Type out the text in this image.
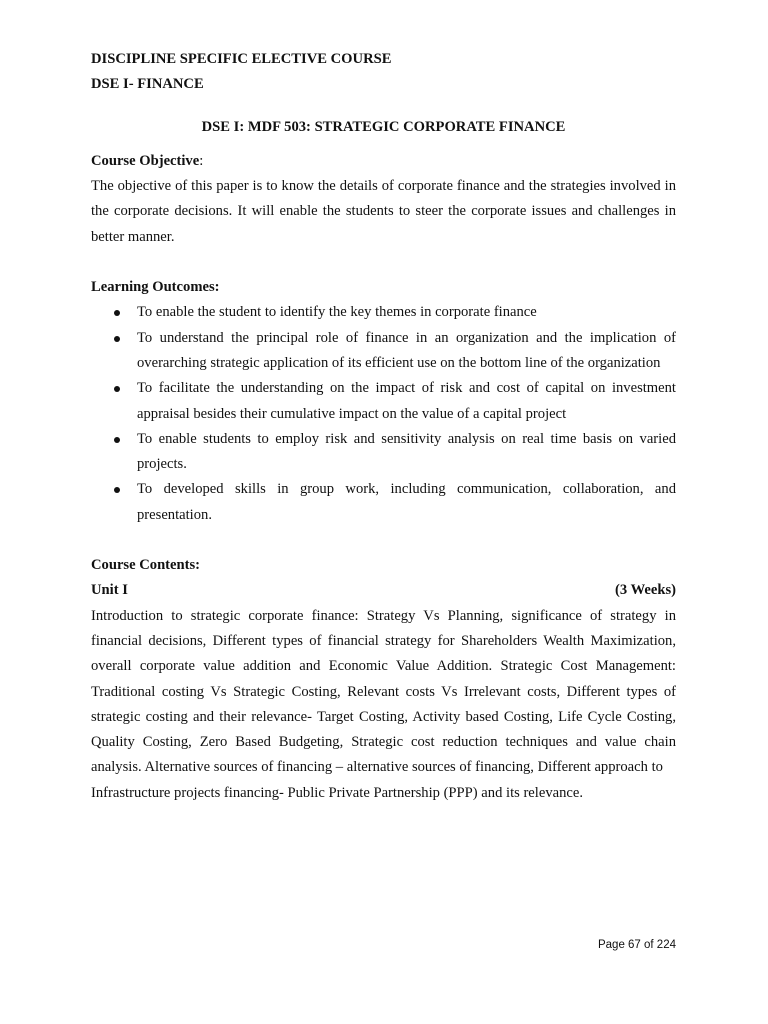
DISCIPLINE SPECIFIC ELECTIVE COURSE

DSE I- FINANCE

DSE I: MDF 503: STRATEGIC CORPORATE FINANCE

Course Objective:

The objective of this paper is to know the details of corporate finance and the strategies involved in the corporate decisions. It will enable the students to steer the corporate issues and challenges in better manner.

Learning Outcomes:

To enable the student to identify the key themes in corporate finance
To understand the principal role of finance in an organization and the implication of overarching strategic application of its efficient use on the bottom line of the organization
To facilitate the understanding on the impact of risk and cost of capital on investment appraisal besides their cumulative impact on the value of a capital project
To enable students to employ risk and sensitivity analysis on real time basis on varied projects.
To developed skills in group work, including communication, collaboration, and presentation.

Course Contents:

Unit I	(3 Weeks)

Introduction to strategic corporate finance: Strategy Vs Planning, significance of strategy in financial decisions, Different types of financial strategy for Shareholders Wealth Maximization, overall corporate value addition and Economic Value Addition. Strategic Cost Management: Traditional costing Vs Strategic Costing, Relevant costs Vs Irrelevant costs, Different types of strategic costing and their relevance- Target Costing, Activity based Costing, Life Cycle Costing, Quality Costing, Zero Based Budgeting, Strategic cost reduction techniques and value chain analysis. Alternative sources of financing – alternative sources of financing, Different approach to

Infrastructure projects financing- Public Private Partnership (PPP) and its relevance.

Page 67 of 224
